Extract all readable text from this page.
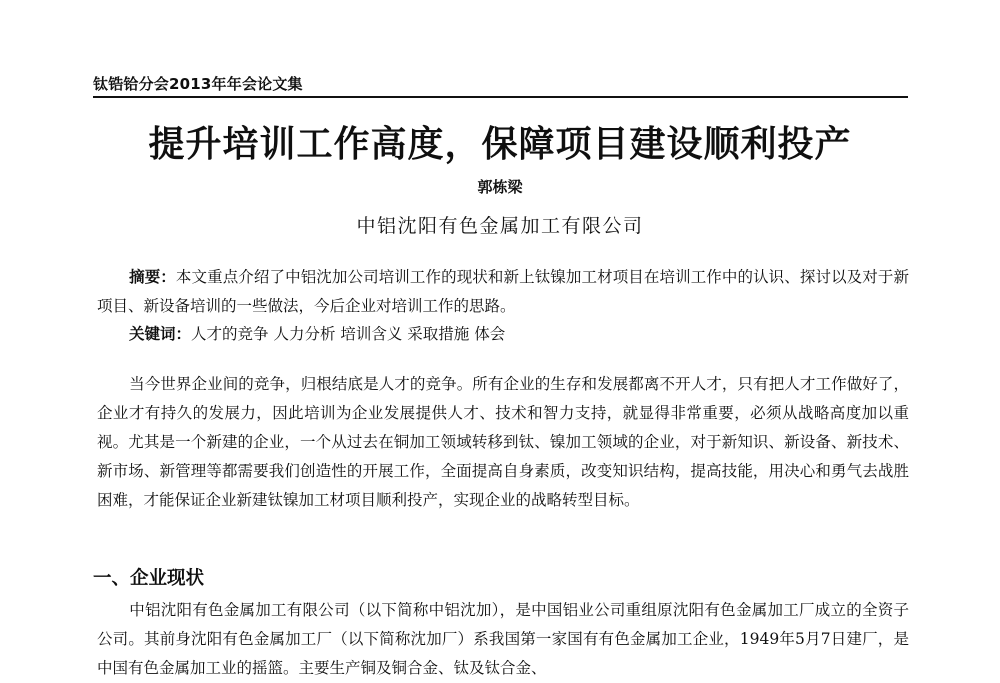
钛锆铪分会2013年年会论文集
提升培训工作高度，保障项目建设顺利投产
郭栋梁
中铝沈阳有色金属加工有限公司
摘要：本文重点介绍了中铝沈加公司培训工作的现状和新上钛镍加工材项目在培训工作中的认识、探讨以及对于新项目、新设备培训的一些做法，今后企业对培训工作的思路。
关键词：人才的竞争 人力分析 培训含义 采取措施 体会
当今世界企业间的竞争，归根结底是人才的竞争。所有企业的生存和发展都离不开人才，只有把人才工作做好了，企业才有持久的发展力，因此培训为企业发展提供人才、技术和智力支持，就显得非常重要，必须从战略高度加以重视。尤其是一个新建的企业，一个从过去在铜加工领域转移到钛、镍加工领域的企业，对于新知识、新设备、新技术、新市场、新管理等都需要我们创造性的开展工作，全面提高自身素质，改变知识结构，提高技能，用决心和勇气去战胜困难，才能保证企业新建钛镍加工材项目顺利投产，实现企业的战略转型目标。
一、企业现状
中铝沈阳有色金属加工有限公司（以下简称中铝沈加），是中国铝业公司重组原沈阳有色金属加工厂成立的全资子公司。其前身沈阳有色金属加工厂（以下简称沈加厂）系我国第一家国有有色金属加工企业，1949年5月7日建厂，是中国有色金属加工业的摇篮。主要生产铜及铜合金、钛及钛合金、
